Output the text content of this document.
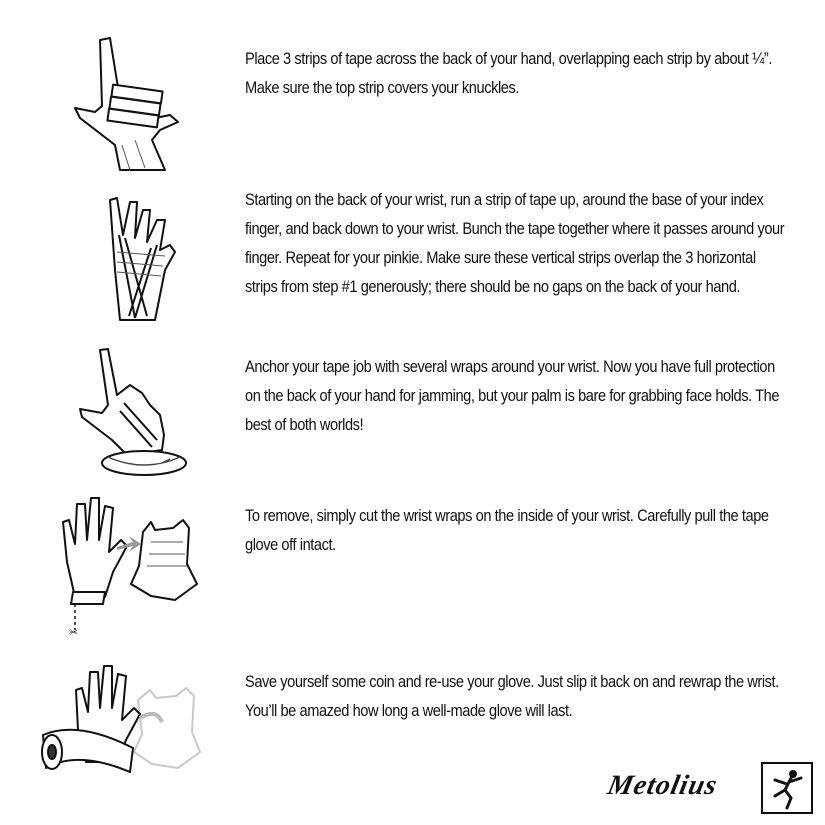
Place 3 strips of tape across the back of your hand, overlapping each strip by about ¼”. Make sure the top strip covers your knuckles.

Starting on the back of your wrist, run a strip of tape up, around the base of your index finger, and back down to your wrist. Bunch the tape together where it passes around your finger. Repeat for your pinkie. Make sure these vertical strips overlap the 3 horizontal strips from step #1 generously; there should be no gaps on the back of your hand.

Anchor your tape job with several wraps around your wrist. Now you have full protection on the back of your hand for jamming, but your palm is bare for grabbing face holds. The best of both worlds!

✂

To remove, simply cut the wrist wraps on the inside of your wrist. Carefully pull the tape glove off intact.

Save yourself some coin and re-use your glove. Just slip it back on and rewrap the wrist. You’ll be amazed how long a well-made glove will last.

Metolius
